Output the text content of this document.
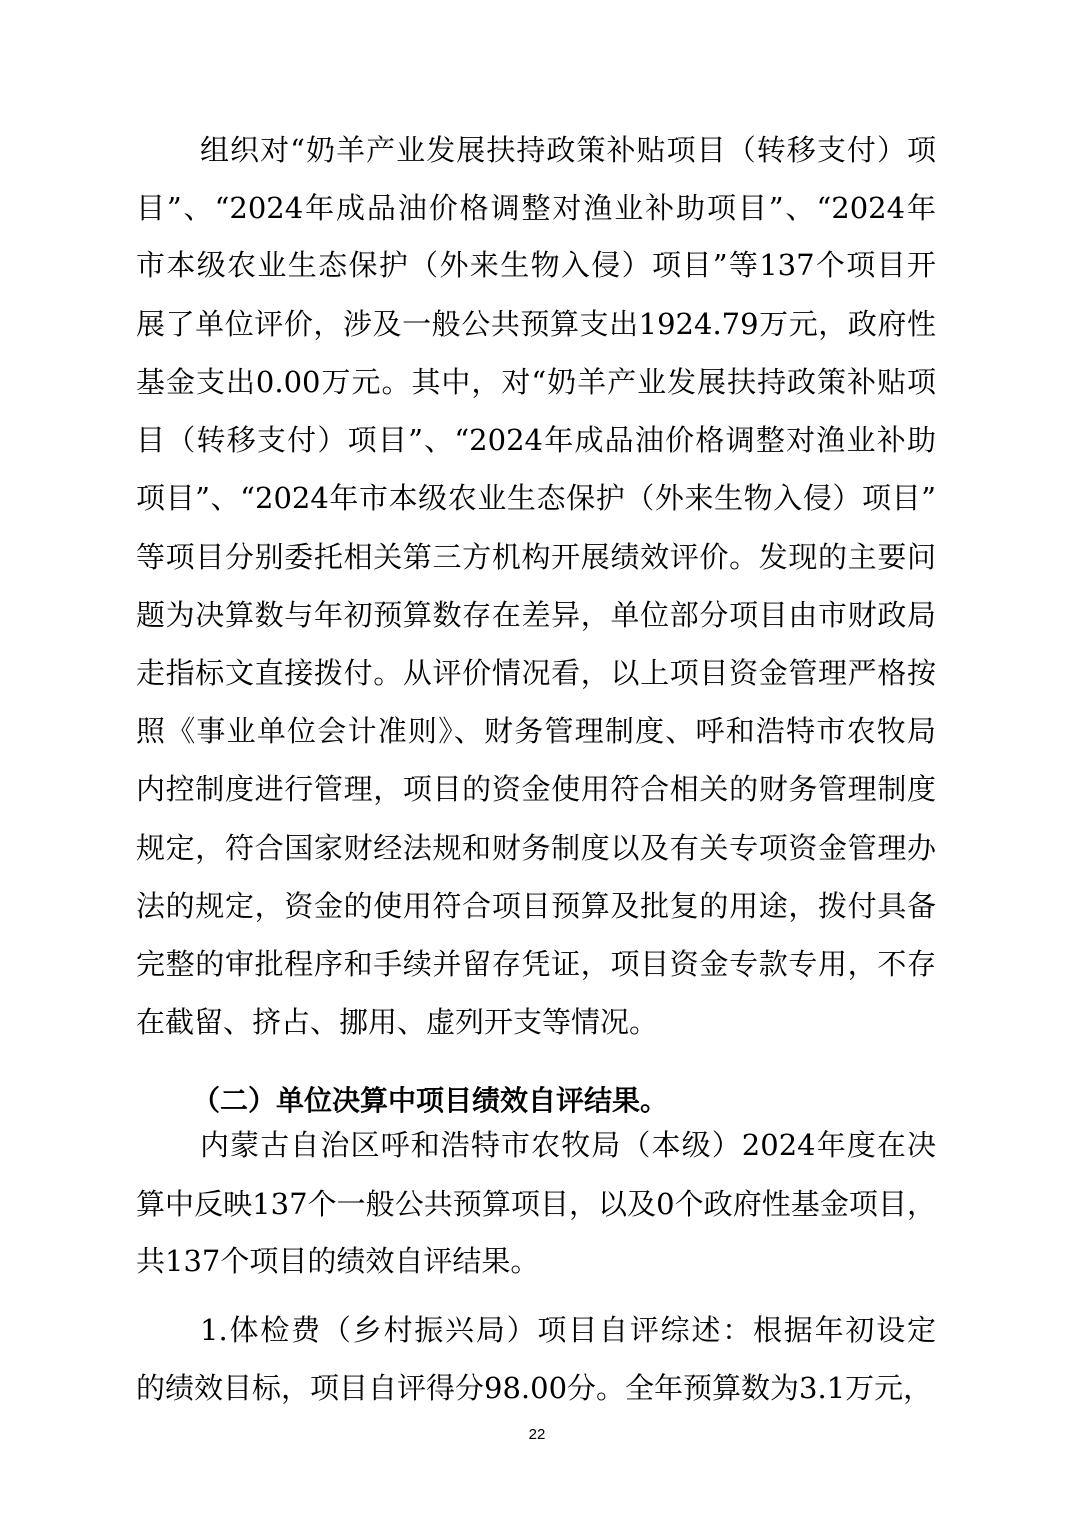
组织对“奶羊产业发展扶持政策补贴项目（转移支付）项
目”、“2024年成品油价格调整对渔业补助项目”、“2024年
市本级农业生态保护（外来生物入侵）项目”等137个项目开
展了单位评价，涉及一般公共预算支出1924.79万元，政府性
基金支出0.00万元。其中，对“奶羊产业发展扶持政策补贴项
目（转移支付）项目”、“2024年成品油价格调整对渔业补助
项目”、“2024年市本级农业生态保护（外来生物入侵）项目”
等项目分别委托相关第三方机构开展绩效评价。发现的主要问
题为决算数与年初预算数存在差异，单位部分项目由市财政局
走指标文直接拨付。从评价情况看，以上项目资金管理严格按
照《事业单位会计准则》、财务管理制度、呼和浩特市农牧局
内控制度进行管理，项目的资金使用符合相关的财务管理制度
规定，符合国家财经法规和财务制度以及有关专项资金管理办
法的规定，资金的使用符合项目预算及批复的用途，拨付具备
完整的审批程序和手续并留存凭证，项目资金专款专用，不存
在截留、挤占、挪用、虚列开支等情况。
（二）单位决算中项目绩效自评结果。
内蒙古自治区呼和浩特市农牧局（本级）2024年度在决
算中反映137个一般公共预算项目，以及0个政府性基金项目，
共137个项目的绩效自评结果。
1.体检费（乡村振兴局）项目自评综述：根据年初设定
的绩效目标，项目自评得分98.00分。全年预算数为3.1万元，
22
